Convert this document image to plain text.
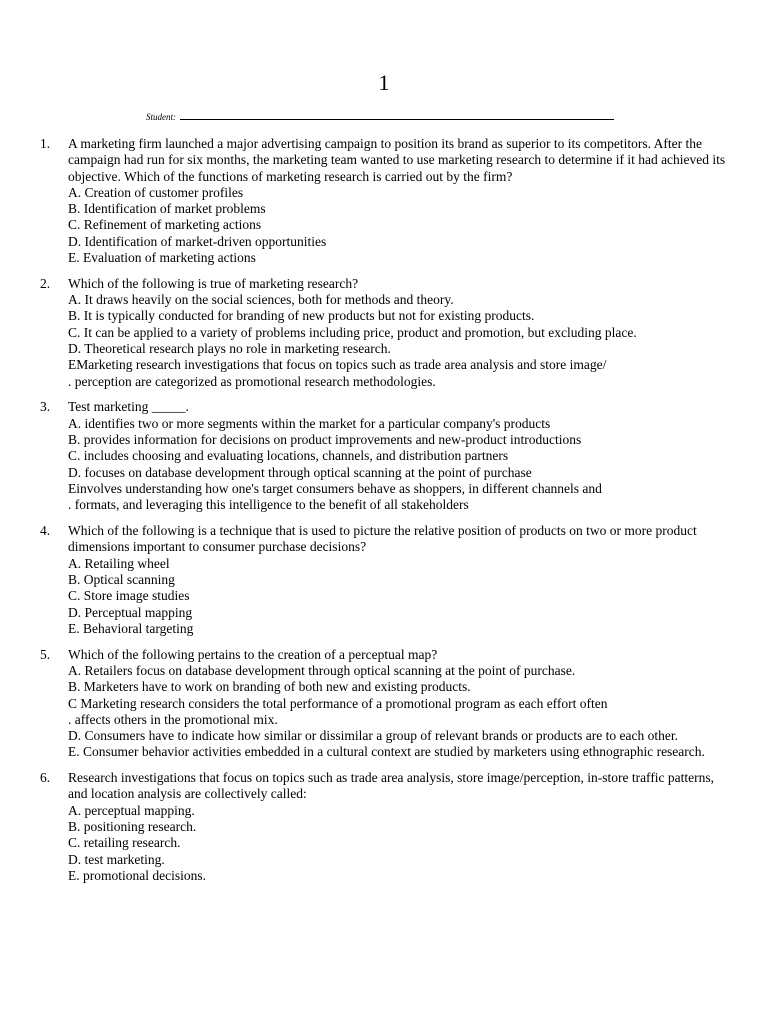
1
Student:
1. A marketing firm launched a major advertising campaign to position its brand as superior to its competitors. After the campaign had run for six months, the marketing team wanted to use marketing research to determine if it had achieved its objective. Which of the functions of marketing research is carried out by the firm?
A. Creation of customer profiles
B. Identification of market problems
C. Refinement of marketing actions
D. Identification of market-driven opportunities
E. Evaluation of marketing actions
2. Which of the following is true of marketing research?
A. It draws heavily on the social sciences, both for methods and theory.
B. It is typically conducted for branding of new products but not for existing products.
C. It can be applied to a variety of problems including price, product and promotion, but excluding place.
D. Theoretical research plays no role in marketing research.
EMarketing research investigations that focus on topics such as trade area analysis and store image/
. perception are categorized as promotional research methodologies.
3. Test marketing _____.
A. identifies two or more segments within the market for a particular company's products
B. provides information for decisions on product improvements and new-product introductions
C. includes choosing and evaluating locations, channels, and distribution partners
D. focuses on database development through optical scanning at the point of purchase
Einvolves understanding how one's target consumers behave as shoppers, in different channels and
. formats, and leveraging this intelligence to the benefit of all stakeholders
4. Which of the following is a technique that is used to picture the relative position of products on two or more product dimensions important to consumer purchase decisions?
A. Retailing wheel
B. Optical scanning
C. Store image studies
D. Perceptual mapping
E. Behavioral targeting
5. Which of the following pertains to the creation of a perceptual map?
A. Retailers focus on database development through optical scanning at the point of purchase.
B. Marketers have to work on branding of both new and existing products.
C Marketing research considers the total performance of a promotional program as each effort often
. affects others in the promotional mix.
D. Consumers have to indicate how similar or dissimilar a group of relevant brands or products are to each other.
E. Consumer behavior activities embedded in a cultural context are studied by marketers using ethnographic research.
6. Research investigations that focus on topics such as trade area analysis, store image/perception, in-store traffic patterns, and location analysis are collectively called:
A. perceptual mapping.
B. positioning research.
C. retailing research.
D. test marketing.
E. promotional decisions.
